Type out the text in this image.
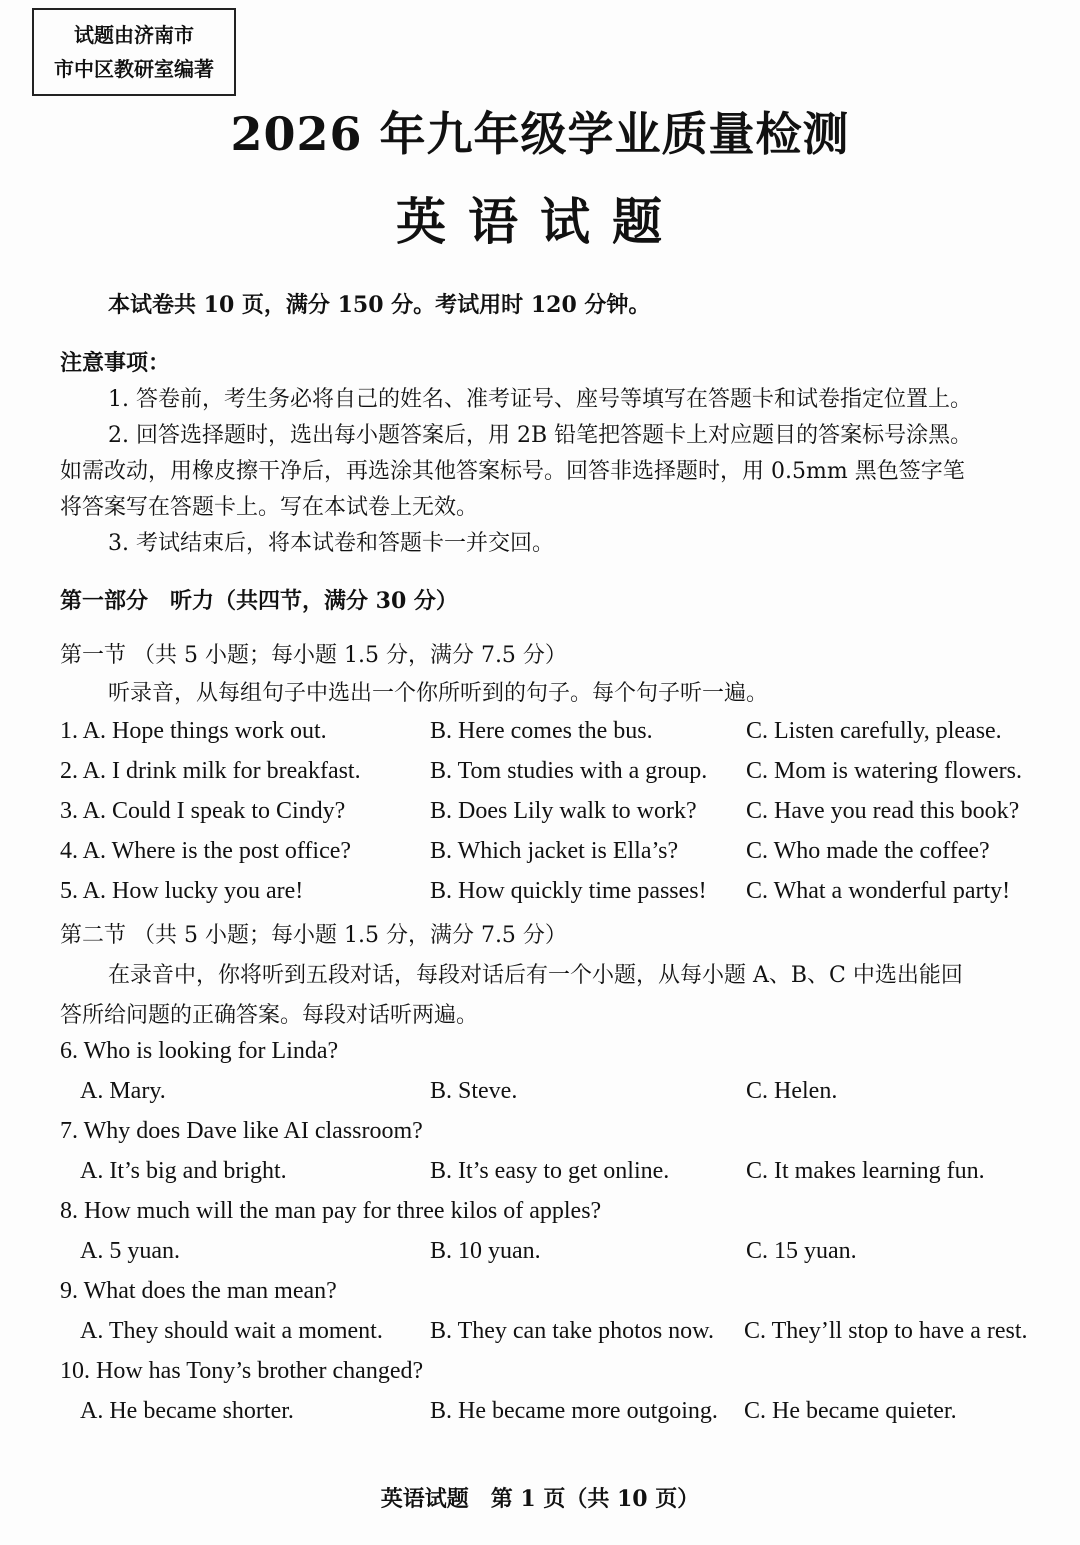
试题由济南市
市中区教研室编著
2026 年九年级学业质量检测
英语试题
本试卷共 10 页，满分 150 分。考试用时 120 分钟。
注意事项：
1. 答卷前，考生务必将自己的姓名、准考证号、座号等填写在答题卡和试卷指定位置上。
2. 回答选择题时，选出每小题答案后，用 2B 铅笔把答题卡上对应题目的答案标号涂黑。
如需改动，用橡皮擦干净后，再选涂其他答案标号。回答非选择题时，用 0.5mm 黑色签字笔
将答案写在答题卡上。写在本试卷上无效。
3. 考试结束后，将本试卷和答题卡一并交回。
第一部分　听力（共四节，满分 30 分）
第一节 （共 5 小题；每小题 1.5 分，满分 7.5 分）
听录音，从每组句子中选出一个你所听到的句子。每个句子听一遍。
1. A. Hope things work out.	B. Here comes the bus.	C. Listen carefully, please.
2. A. I drink milk for breakfast.	B. Tom studies with a group. C. Mom is watering flowers.
3. A. Could I speak to Cindy?	B. Does Lily walk to work? C. Have you read this book?
4. A. Where is the post office?	B. Which jacket is Ella’s?	C. Who made the coffee?
5. A. How lucky you are!	B. How quickly time passes! C. What a wonderful party!
第二节 （共 5 小题；每小题 1.5 分，满分 7.5 分）
在录音中，你将听到五段对话，每段对话后有一个小题，从每小题 A、B、C 中选出能回
答所给问题的正确答案。每段对话听两遍。
6. Who is looking for Linda?
A. Mary.	B. Steve.	C. Helen.
7. Why does Dave like AI classroom?
A. It’s big and bright.	B. It’s easy to get online.	C. It makes learning fun.
8. How much will the man pay for three kilos of apples?
A. 5 yuan.	B. 10 yuan.	C. 15 yuan.
9. What does the man mean?
A. They should wait a moment. B. They can take photos now. C. They’ll stop to have a rest.
10. How has Tony’s brother changed?
A. He became shorter.	B. He became more outgoing. C. He became quieter.
英语试题　第 1 页（共 10 页）
